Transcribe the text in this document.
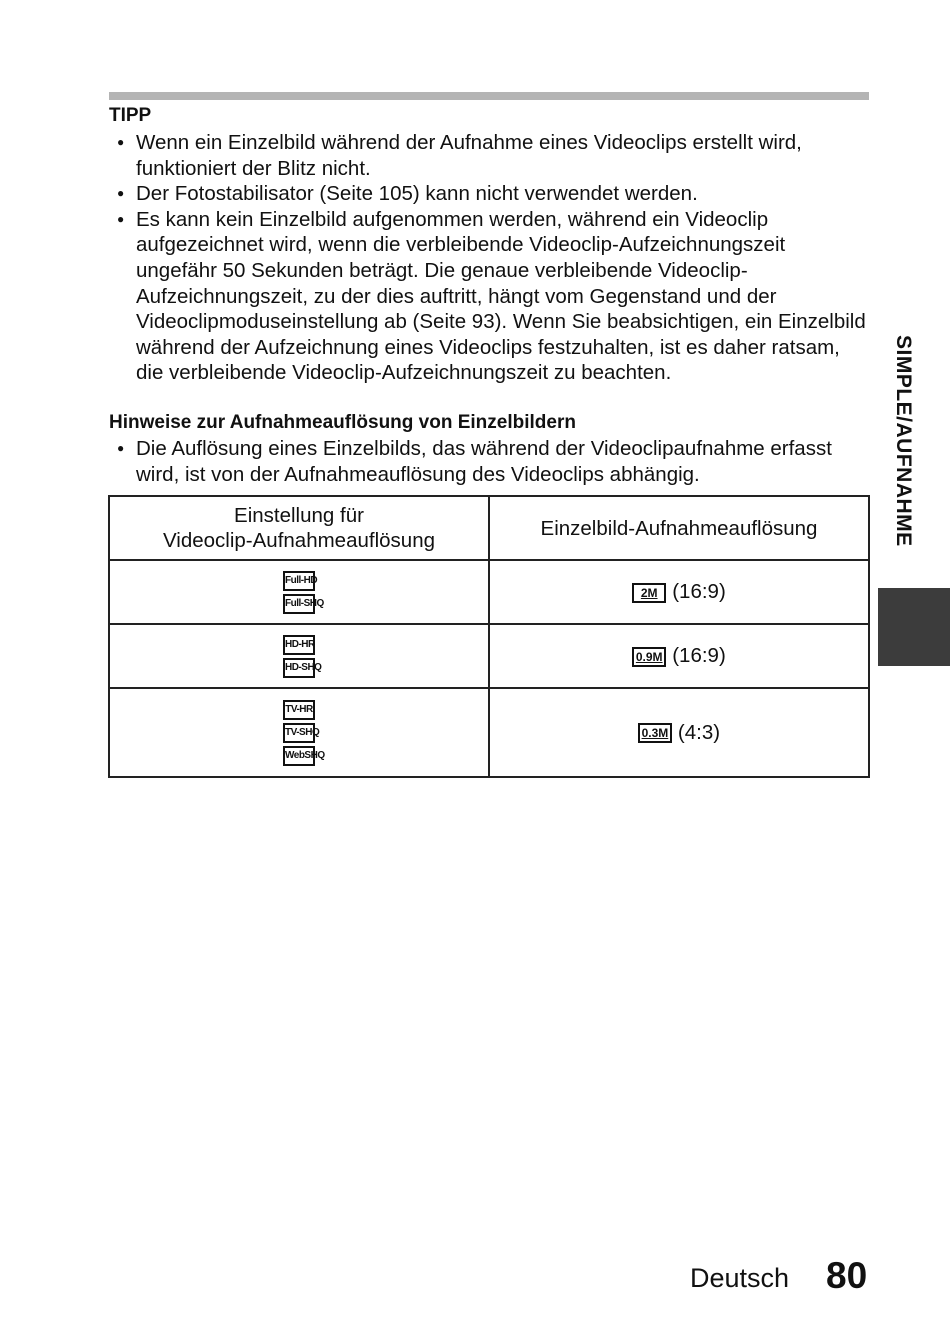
TIPP
● Wenn ein Einzelbild während der Aufnahme eines Videoclips erstellt wird, funktioniert der Blitz nicht.
● Der Fotostabilisator (Seite 105) kann nicht verwendet werden.
● Es kann kein Einzelbild aufgenommen werden, während ein Videoclip aufgezeichnet wird, wenn die verbleibende Videoclip-Aufzeichnungszeit ungefähr 50 Sekunden beträgt. Die genaue verbleibende Videoclip-Aufzeichnungszeit, zu der dies auftritt, hängt vom Gegenstand und der Videoclipmoduseinstellung ab (Seite 93). Wenn Sie beabsichtigen, ein Einzelbild während der Aufzeichnung eines Videoclips festzuhalten, ist es daher ratsam, die verbleibende Videoclip-Aufzeichnungszeit zu beachten.
Hinweise zur Aufnahmeauflösung von Einzelbildern
● Die Auflösung eines Einzelbilds, das während der Videoclipaufnahme erfasst wird, ist von der Aufnahmeauflösung des Videoclips abhängig.
Einstellung für
Videoclip-Aufnahmeauflösung	Einzelbild-Aufnahmeauflösung

Full-HD
Full-SHQ	2M (16:9)

HD-HR
HD-SHQ	0.9M (16:9)

TV-HR
TV-SHQ
WebSHQ	0.3M (4:3)
SIMPLE/AUFNAHME
Deutsch 80
